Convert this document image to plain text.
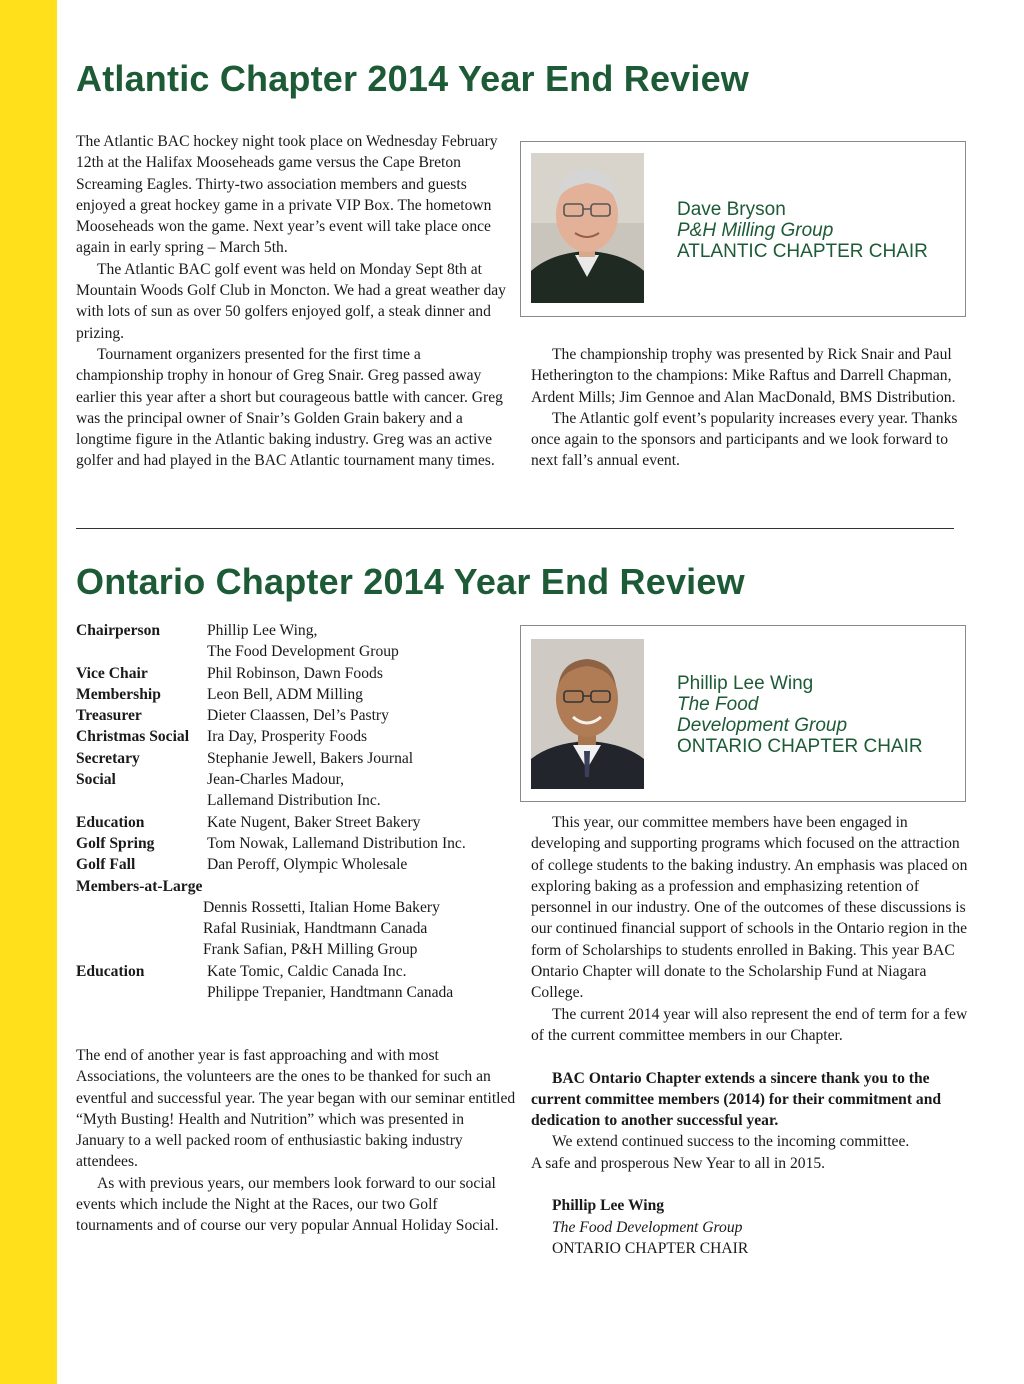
Atlantic Chapter 2014 Year End Review

The Atlantic BAC hockey night took place on Wednesday February 12th at the Halifax Mooseheads game versus the Cape Breton Screaming Eagles. Thirty-two association members and guests enjoyed a great hockey game in a private VIP Box. The hometown Mooseheads won the game. Next year’s event will take place once again in early spring – March 5th.

The Atlantic BAC golf event was held on Monday Sept 8th at Mountain Woods Golf Club in Moncton. We had a great weather day with lots of sun as over 50 golfers enjoyed golf, a steak dinner and prizing.

Tournament organizers presented for the first time a championship trophy in honour of Greg Snair. Greg passed away earlier this year after a short but courageous battle with cancer. Greg was the principal owner of Snair’s Golden Grain bakery and a longtime figure in the Atlantic baking industry. Greg was an active golfer and had played in the BAC Atlantic tournament many times.

Dave Bryson
P&H Milling Group
ATLANTIC CHAPTER CHAIR

The championship trophy was presented by Rick Snair and Paul Hetherington to the champions: Mike Raftus and Darrell Chapman, Ardent Mills; Jim Gennoe and Alan MacDonald, BMS Distribution.

The Atlantic golf event’s popularity increases every year. Thanks once again to the sponsors and participants and we look forward to next fall’s annual event.

Ontario Chapter 2014 Year End Review
Chairperson	Phillip Lee Wing,
	The Food Development Group
Vice Chair	Phil Robinson, Dawn Foods
Membership	Leon Bell, ADM Milling
Treasurer	Dieter Claassen, Del’s Pastry
Christmas Social	Ira Day, Prosperity Foods
Secretary	Stephanie Jewell, Bakers Journal
Social	Jean-Charles Madour,
	Lallemand Distribution Inc.
Education	Kate Nugent, Baker Street Bakery
Golf Spring	Tom Nowak, Lallemand Distribution Inc.
Golf Fall	Dan Peroff, Olympic Wholesale
Members-at-Large	
Dennis Rossetti, Italian Home Bakery	
Rafal Rusiniak, Handtmann Canada	
Frank Safian, P&H Milling Group	
Education	Kate Tomic, Caldic Canada Inc.
	Philippe Trepanier, Handtmann Canada

The end of another year is fast approaching and with most Associations, the volunteers are the ones to be thanked for such an eventful and successful year. The year began with our seminar entitled “Myth Busting! Health and Nutrition” which was presented in January to a well packed room of enthusiastic baking industry attendees.

As with previous years, our members look forward to our social events which include the Night at the Races, our two Golf tournaments and of course our very popular Annual Holiday Social.

Phillip Lee Wing
The Food
Development Group
ONTARIO CHAPTER CHAIR

This year, our committee members have been engaged in developing and supporting programs which focused on the attraction of college students to the baking industry. An emphasis was placed on exploring baking as a profession and emphasizing retention of personnel in our industry. One of the outcomes of these discussions is our continued financial support of schools in the Ontario region in the form of Scholarships to students enrolled in Baking. This year BAC Ontario Chapter will donate to the Scholarship Fund at Niagara College.

The current 2014 year will also represent the end of term for a few of the current committee members in our Chapter.

BAC Ontario Chapter extends a sincere thank you to the current committee members (2014) for their commitment and dedication to another successful year.

We extend continued success to the incoming committee.

A safe and prosperous New Year to all in 2015.

Phillip Lee Wing

The Food Development Group

ONTARIO CHAPTER CHAIR
